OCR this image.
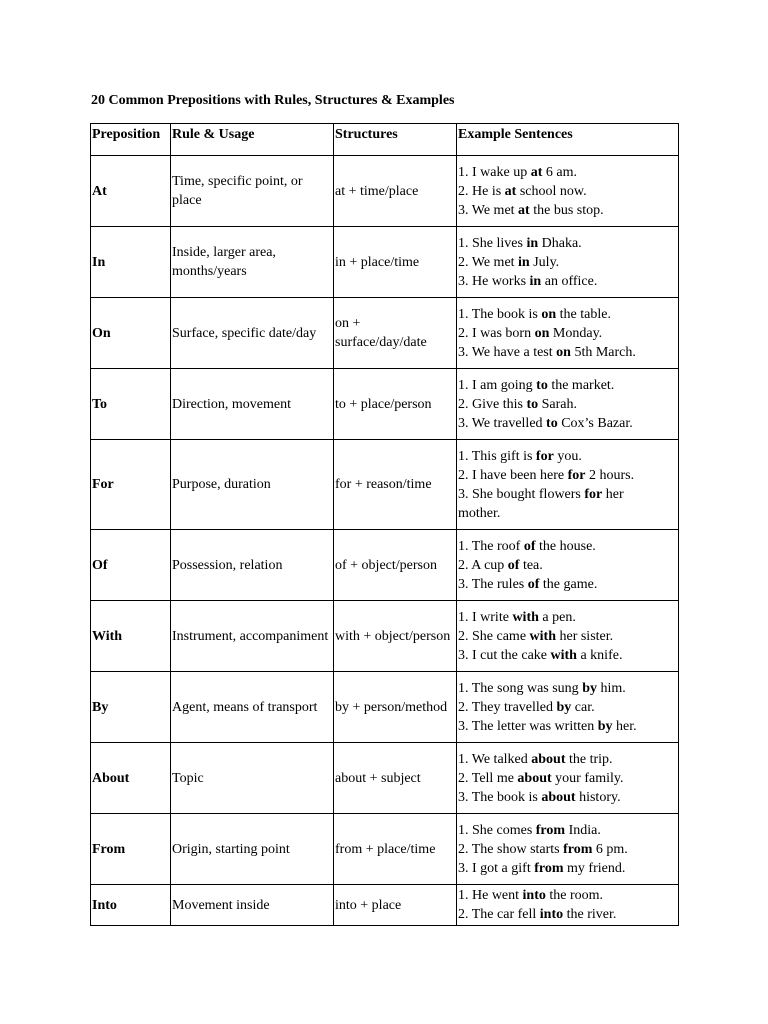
20 Common Prepositions with Rules, Structures & Examples
Preposition	Rule & Usage	Structures	Example Sentences
At	Time, specific point, or place	at + time/place	1. I wake up at 6 am.
2. He is at school now.
3. We met at the bus stop.

In	Inside, larger area, months/years	in + place/time	1. She lives in Dhaka.
2. We met in July.
3. He works in an office.

On	Surface, specific date/day	on + surface/day/date	1. The book is on the table.
2. I was born on Monday.
3. We have a test on 5th March.

To	Direction, movement	to + place/person	1. I am going to the market.
2. Give this to Sarah.
3. We travelled to Cox’s Bazar.

For	Purpose, duration	for + reason/time	1. This gift is for you.
2. I have been here for 2 hours.
3. She bought flowers for her
mother.

Of	Possession, relation	of + object/person	1. The roof of the house.
2. A cup of tea.
3. The rules of the game.

With	Instrument, accompaniment	with + object/person	1. I write with a pen.
2. She came with her sister.
3. I cut the cake with a knife.

By	Agent, means of transport	by + person/method	1. The song was sung by him.
2. They travelled by car.
3. The letter was written by her.

About	Topic	about + subject	1. We talked about the trip.
2. Tell me about your family.
3. The book is about history.

From	Origin, starting point	from + place/time	1. She comes from India.
2. The show starts from 6 pm.
3. I got a gift from my friend.

Into	Movement inside	into + place	1. He went into the room.
2. The car fell into the river.
